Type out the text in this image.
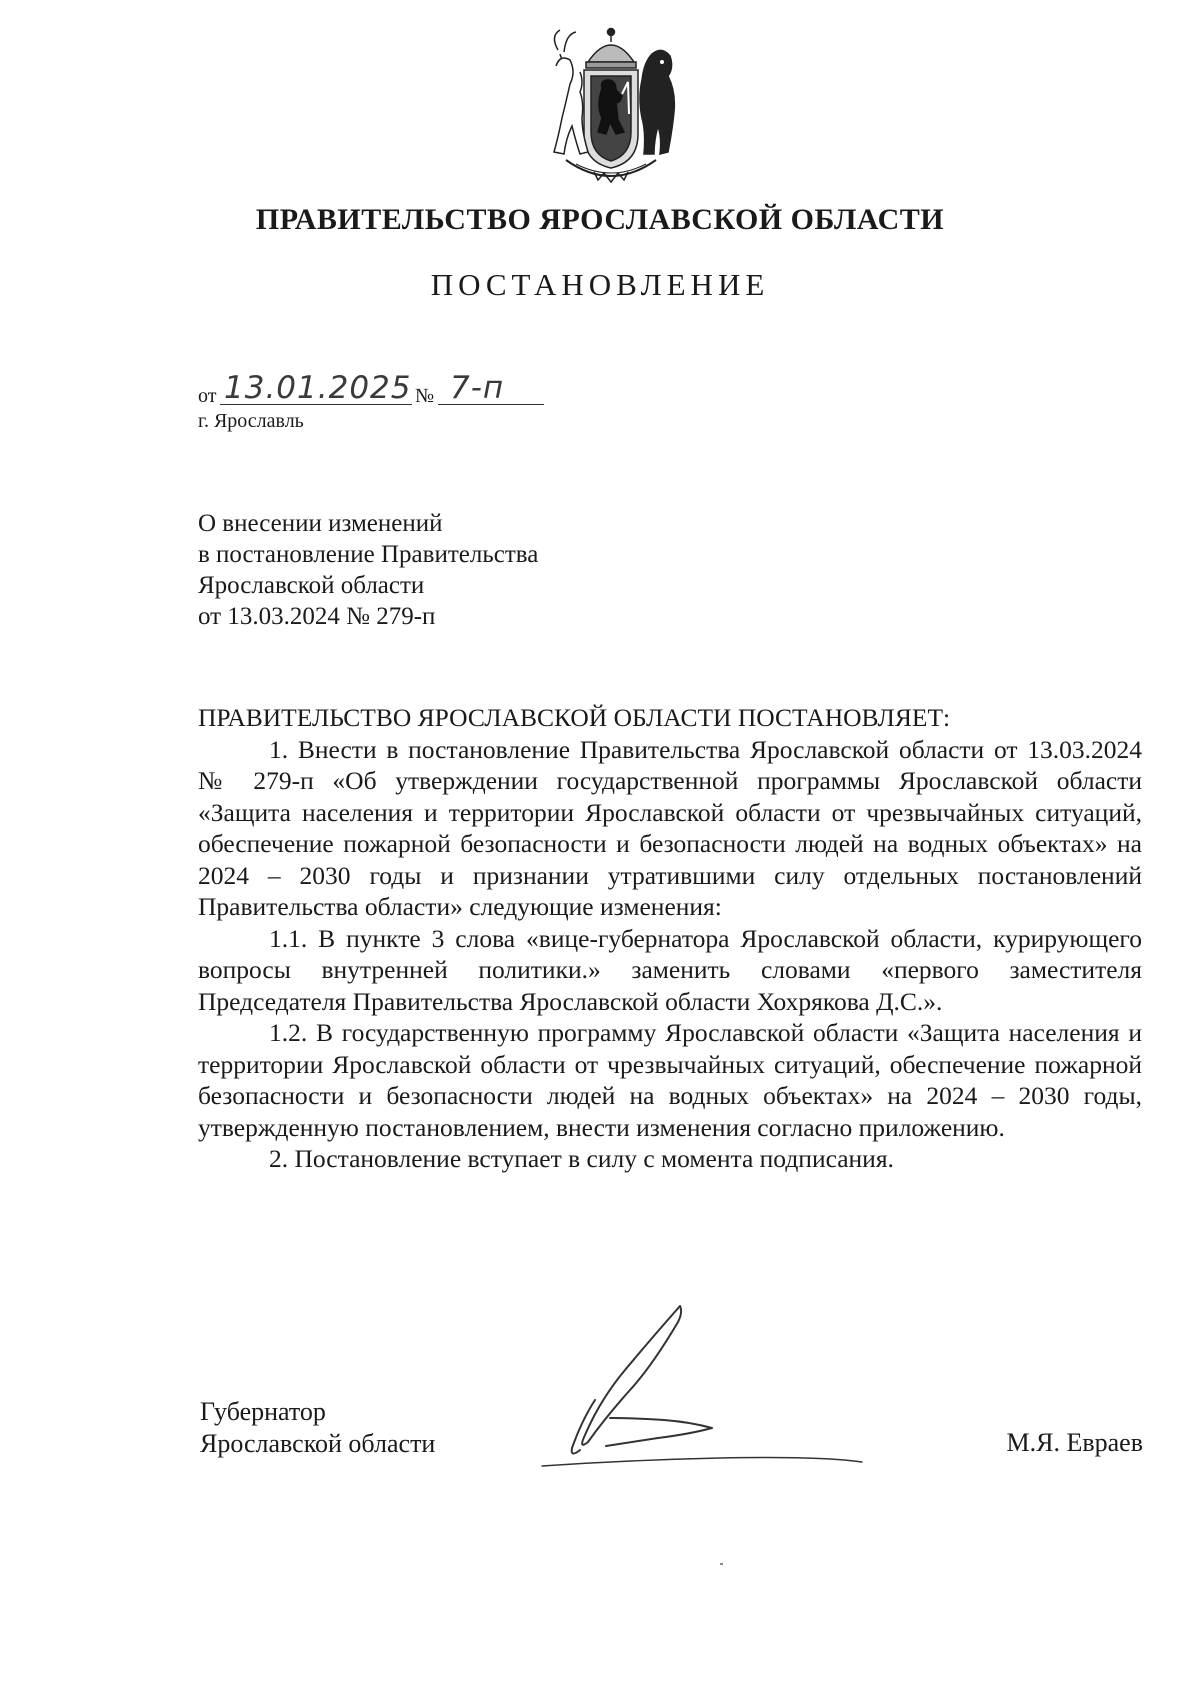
ПРАВИТЕЛЬСТВО ЯРОСЛАВСКОЙ ОБЛАСТИ
ПОСТАНОВЛЕНИЕ
от 13.01.2025 № 7-п
г. Ярославль
О внесении изменений
в постановление Правительства
Ярославской области
от 13.03.2024 № 279-п

ПРАВИТЕЛЬСТВО ЯРОСЛАВСКОЙ ОБЛАСТИ ПОСТАНОВЛЯЕТ:

1. Внести в постановление Правительства Ярославской области от 13.03.2024 № 279-п «Об утверждении государственной программы Ярославской области «Защита населения и территории Ярославской области от чрезвычайных ситуаций, обеспечение пожарной безопасности и безопасности людей на водных объектах» на 2024 – 2030 годы и признании утратившими силу отдельных постановлений Правительства области» следующие изменения:

1.1. В пункте 3 слова «вице-губернатора Ярославской области, курирующего вопросы внутренней политики.» заменить словами «первого заместителя Председателя Правительства Ярославской области Хохрякова Д.С.».

1.2. В государственную программу Ярославской области «Защита населения и территории Ярославской области от чрезвычайных ситуаций, обеспечение пожарной безопасности и безопасности людей на водных объектах» на 2024 – 2030 годы, утвержденную постановлением, внести изменения согласно приложению.

2. Постановление вступает в силу с момента подписания.

Губернатор
Ярославской области	М.Я. Евраев
